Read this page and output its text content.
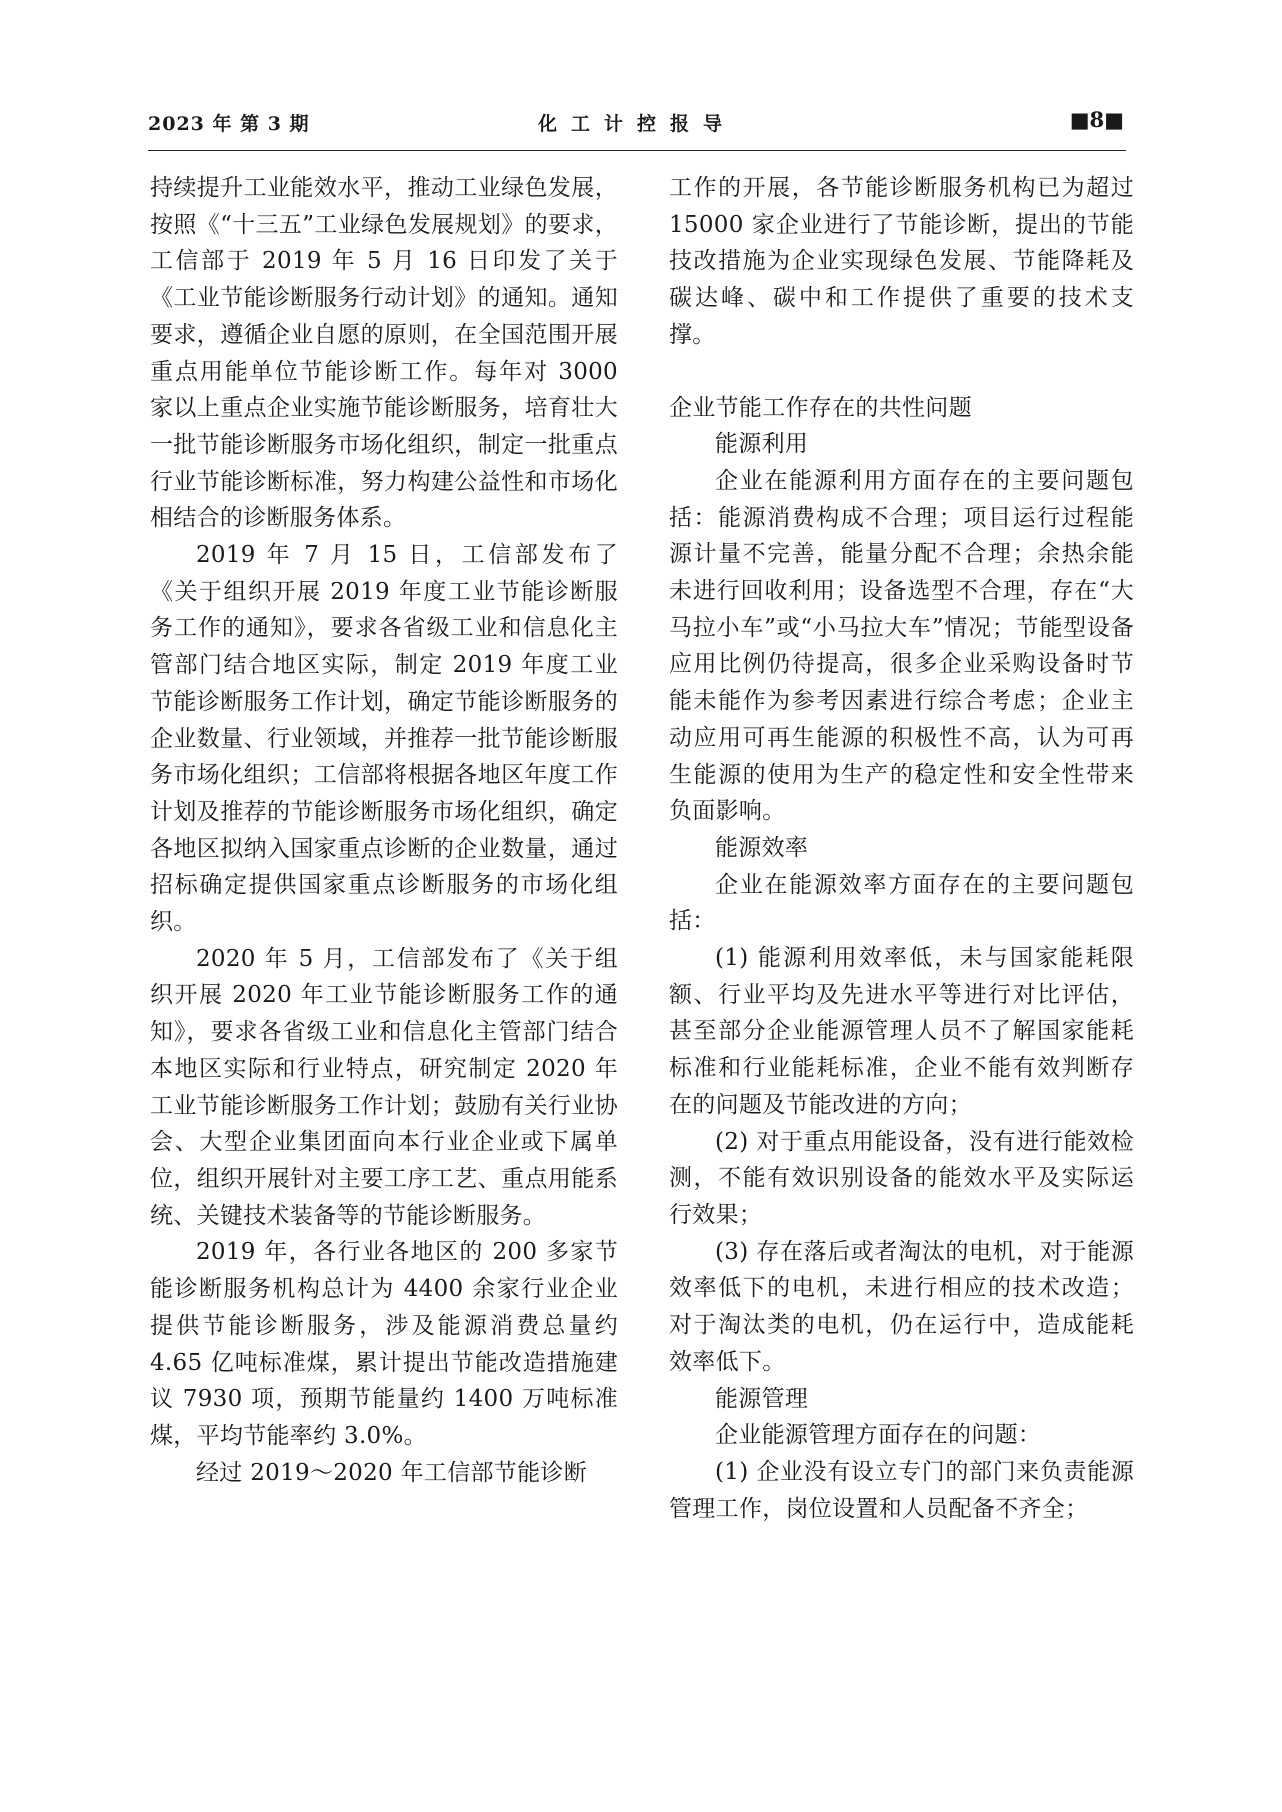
2023 年 第 3 期	化工计控报导	■8■

持续提升工业能效水平，推动工业绿色发展，按照《“十三五”工业绿色发展规划》的要求，工信部于 2019 年 5 月 16 日印发了关于《工业节能诊断服务行动计划》的通知。通知要求，遵循企业自愿的原则，在全国范围开展重点用能单位节能诊断工作。每年对 3000 家以上重点企业实施节能诊断服务，培育壮大一批节能诊断服务市场化组织，制定一批重点行业节能诊断标准，努力构建公益性和市场化相结合的诊断服务体系。

2019 年 7 月 15 日，工信部发布了《关于组织开展 2019 年度工业节能诊断服务工作的通知》，要求各省级工业和信息化主管部门结合地区实际，制定 2019 年度工业节能诊断服务工作计划，确定节能诊断服务的企业数量、行业领域，并推荐一批节能诊断服务市场化组织；工信部将根据各地区年度工作计划及推荐的节能诊断服务市场化组织，确定各地区拟纳入国家重点诊断的企业数量，通过招标确定提供国家重点诊断服务的市场化组织。

2020 年 5 月，工信部发布了《关于组织开展 2020 年工业节能诊断服务工作的通知》，要求各省级工业和信息化主管部门结合本地区实际和行业特点，研究制定 2020 年工业节能诊断服务工作计划；鼓励有关行业协会、大型企业集团面向本行业企业或下属单位，组织开展针对主要工序工艺、重点用能系统、关键技术装备等的节能诊断服务。

2019 年，各行业各地区的 200 多家节能诊断服务机构总计为 4400 余家行业企业提供节能诊断服务，涉及能源消费总量约 4.65 亿吨标准煤，累计提出节能改造措施建议 7930 项，预期节能量约 1400 万吨标准煤，平均节能率约 3.0%。

经过 2019～2020 年工信部节能诊断

工作的开展，各节能诊断服务机构已为超过 15000 家企业进行了节能诊断，提出的节能技改措施为企业实现绿色发展、节能降耗及碳达峰、碳中和工作提供了重要的技术支撑。

企业节能工作存在的共性问题

能源利用

企业在能源利用方面存在的主要问题包括：能源消费构成不合理；项目运行过程能源计量不完善，能量分配不合理；余热余能未进行回收利用；设备选型不合理，存在“大马拉小车”或“小马拉大车”情况；节能型设备应用比例仍待提高，很多企业采购设备时节能未能作为参考因素进行综合考虑；企业主动应用可再生能源的积极性不高，认为可再生能源的使用为生产的稳定性和安全性带来负面影响。

能源效率

企业在能源效率方面存在的主要问题包括：

(1) 能源利用效率低，未与国家能耗限额、行业平均及先进水平等进行对比评估，甚至部分企业能源管理人员不了解国家能耗标准和行业能耗标准，企业不能有效判断存在的问题及节能改进的方向；

(2) 对于重点用能设备，没有进行能效检测，不能有效识别设备的能效水平及实际运行效果；

(3) 存在落后或者淘汰的电机，对于能源效率低下的电机，未进行相应的技术改造；对于淘汰类的电机，仍在运行中，造成能耗效率低下。

能源管理

企业能源管理方面存在的问题：

(1) 企业没有设立专门的部门来负责能源管理工作，岗位设置和人员配备不齐全；
